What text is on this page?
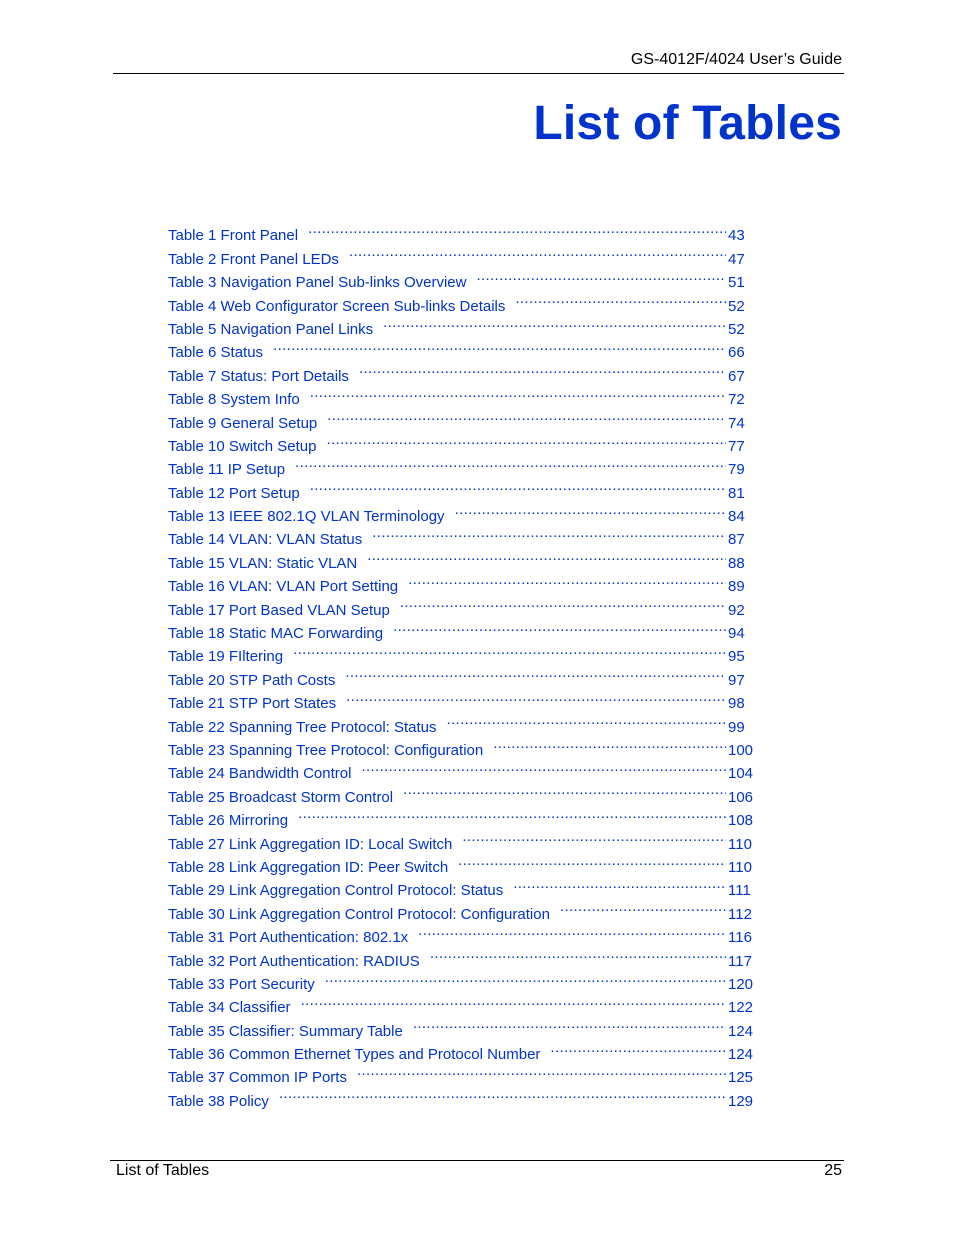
GS-4012F/4024 User’s Guide
List of Tables
Table 1 Front Panel .....	43
Table 2 Front Panel LEDs .....	47
Table 3 Navigation Panel Sub-links Overview .....	51
Table 4 Web Configurator Screen Sub-links Details .....	52
Table 5 Navigation Panel Links .....	52
Table 6 Status .....	66
Table 7 Status: Port Details .....	67
Table 8 System Info .....	72
Table 9 General Setup .....	74
Table 10 Switch Setup .....	77
Table 11 IP Setup .....	79
Table 12 Port Setup .....	81
Table 13 IEEE 802.1Q VLAN Terminology .....	84
Table 14 VLAN: VLAN Status .....	87
Table 15 VLAN: Static VLAN .....	88
Table 16 VLAN: VLAN Port Setting .....	89
Table 17 Port Based VLAN Setup .....	92
Table 18 Static MAC Forwarding .....	94
Table 19 FIltering .....	95
Table 20 STP Path Costs .....	97
Table 21 STP Port States .....	98
Table 22 Spanning Tree Protocol: Status .....	99
Table 23 Spanning Tree Protocol: Configuration .....	100
Table 24 Bandwidth Control .....	104
Table 25 Broadcast Storm Control .....	106
Table 26 Mirroring .....	108
Table 27 Link Aggregation ID: Local Switch .....	110
Table 28 Link Aggregation ID: Peer Switch .....	110
Table 29 Link Aggregation Control Protocol: Status .....	111
Table 30 Link Aggregation Control Protocol: Configuration .....	112
Table 31 Port Authentication: 802.1x .....	116
Table 32 Port Authentication: RADIUS .....	117
Table 33 Port Security .....	120
Table 34 Classifier .....	122
Table 35 Classifier: Summary Table .....	124
Table 36 Common Ethernet Types and Protocol Number .....	124
Table 37 Common IP Ports .....	125
Table 38 Policy .....	129
List of Tables	25
